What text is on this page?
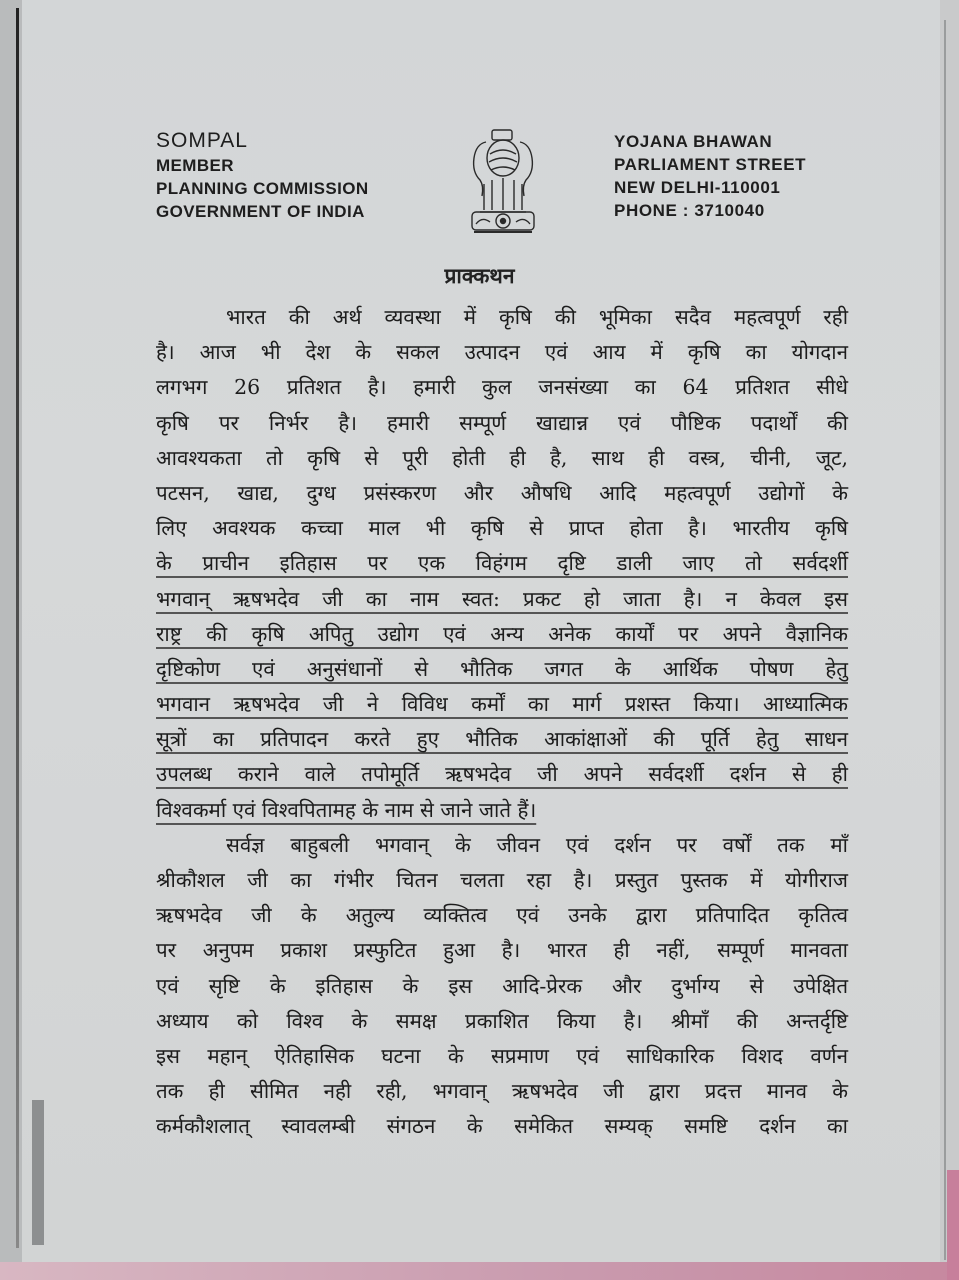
SOMPAL
MEMBER
PLANNING COMMISSION
GOVERNMENT OF INDIA
YOJANA BHAWAN
PARLIAMENT STREET
NEW DELHI-110001
PHONE : 3710040
प्राक्कथन
भारत की अर्थ व्यवस्था में कृषि की भूमिका सदैव महत्वपूर्ण रही
है। आज भी देश के सकल उत्पादन एवं आय में कृषि का योगदान
लगभग 26 प्रतिशत है। हमारी कुल जनसंख्या का 64 प्रतिशत सीधे
कृषि पर निर्भर है। हमारी सम्पूर्ण खाद्यान्न एवं पौष्टिक पदार्थों की
आवश्यकता तो कृषि से पूरी होती ही है, साथ ही वस्त्र, चीनी, जूट,
पटसन, खाद्य, दुग्ध प्रसंस्करण और औषधि आदि महत्वपूर्ण उद्योगों के
लिए अवश्यक कच्चा माल भी कृषि से प्राप्त होता है। भारतीय कृषि
के प्राचीन इतिहास पर एक विहंगम दृष्टि डाली जाए तो सर्वदर्शी
भगवान् ऋषभदेव जी का नाम स्वत: प्रकट हो जाता है। न केवल इस
राष्ट्र की कृषि अपितु उद्योग एवं अन्य अनेक कार्यों पर अपने वैज्ञानिक
दृष्टिकोण एवं अनुसंधानों से भौतिक जगत के आर्थिक पोषण हेतु
भगवान ऋषभदेव जी ने विविध कर्मों का मार्ग प्रशस्त किया। आध्यात्मिक
सूत्रों का प्रतिपादन करते हुए भौतिक आकांक्षाओं की पूर्ति हेतु साधन
उपलब्ध कराने वाले तपोमूर्ति ऋषभदेव जी अपने सर्वदर्शी दर्शन से ही
विश्वकर्मा एवं विश्वपितामह के नाम से जाने जाते हैं।
सर्वज्ञ बाहुबली भगवान् के जीवन एवं दर्शन पर वर्षों तक माँ
श्रीकौशल जी का गंभीर चितन चलता रहा है। प्रस्तुत पुस्तक में योगीराज
ऋषभदेव जी के अतुल्य व्यक्तित्व एवं उनके द्वारा प्रतिपादित कृतित्व
पर अनुपम प्रकाश प्रस्फुटित हुआ है। भारत ही नहीं, सम्पूर्ण मानवता
एवं सृष्टि के इतिहास के इस आदि-प्रेरक और दुर्भाग्य से उपेक्षित
अध्याय को विश्व के समक्ष प्रकाशित किया है। श्रीमाँ की अन्तर्दृष्टि
इस महान् ऐतिहासिक घटना के सप्रमाण एवं साधिकारिक विशद वर्णन
तक ही सीमित नही रही, भगवान् ऋषभदेव जी द्वारा प्रदत्त मानव के
कर्मकौशलात् स्वावलम्बी संगठन के समेकित सम्यक् समष्टि दर्शन का
